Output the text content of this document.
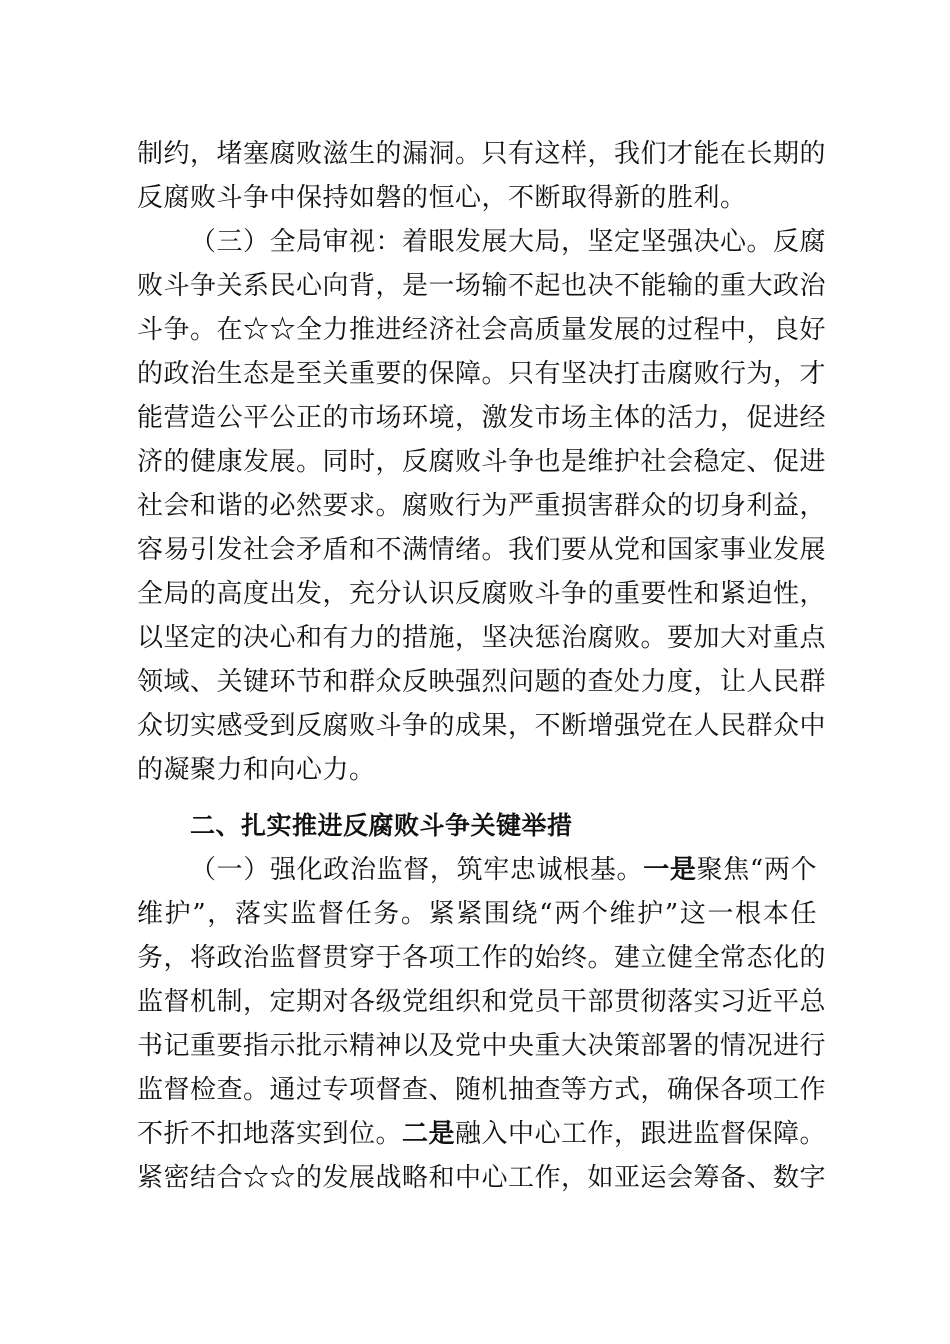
制约，堵塞腐败滋生的漏洞。只有这样，我们才能在长期的
反腐败斗争中保持如磐的恒心，不断取得新的胜利。
（三）全局审视：着眼发展大局，坚定坚强决心。反腐
败斗争关系民心向背，是一场输不起也决不能输的重大政治
斗争。在☆☆全力推进经济社会高质量发展的过程中，良好
的政治生态是至关重要的保障。只有坚决打击腐败行为，才
能营造公平公正的市场环境，激发市场主体的活力，促进经
济的健康发展。同时，反腐败斗争也是维护社会稳定、促进
社会和谐的必然要求。腐败行为严重损害群众的切身利益，
容易引发社会矛盾和不满情绪。我们要从党和国家事业发展
全局的高度出发，充分认识反腐败斗争的重要性和紧迫性，
以坚定的决心和有力的措施，坚决惩治腐败。要加大对重点
领域、关键环节和群众反映强烈问题的查处力度，让人民群
众切实感受到反腐败斗争的成果，不断增强党在人民群众中
的凝聚力和向心力。
二、扎实推进反腐败斗争关键举措
（一）强化政治监督，筑牢忠诚根基。一是聚焦“两个
维护”，落实监督任务。紧紧围绕“两个维护”这一根本任
务，将政治监督贯穿于各项工作的始终。建立健全常态化的
监督机制，定期对各级党组织和党员干部贯彻落实习近平总
书记重要指示批示精神以及党中央重大决策部署的情况进行
监督检查。通过专项督查、随机抽查等方式，确保各项工作
不折不扣地落实到位。二是融入中心工作，跟进监督保障。
紧密结合☆☆的发展战略和中心工作，如亚运会筹备、数字
